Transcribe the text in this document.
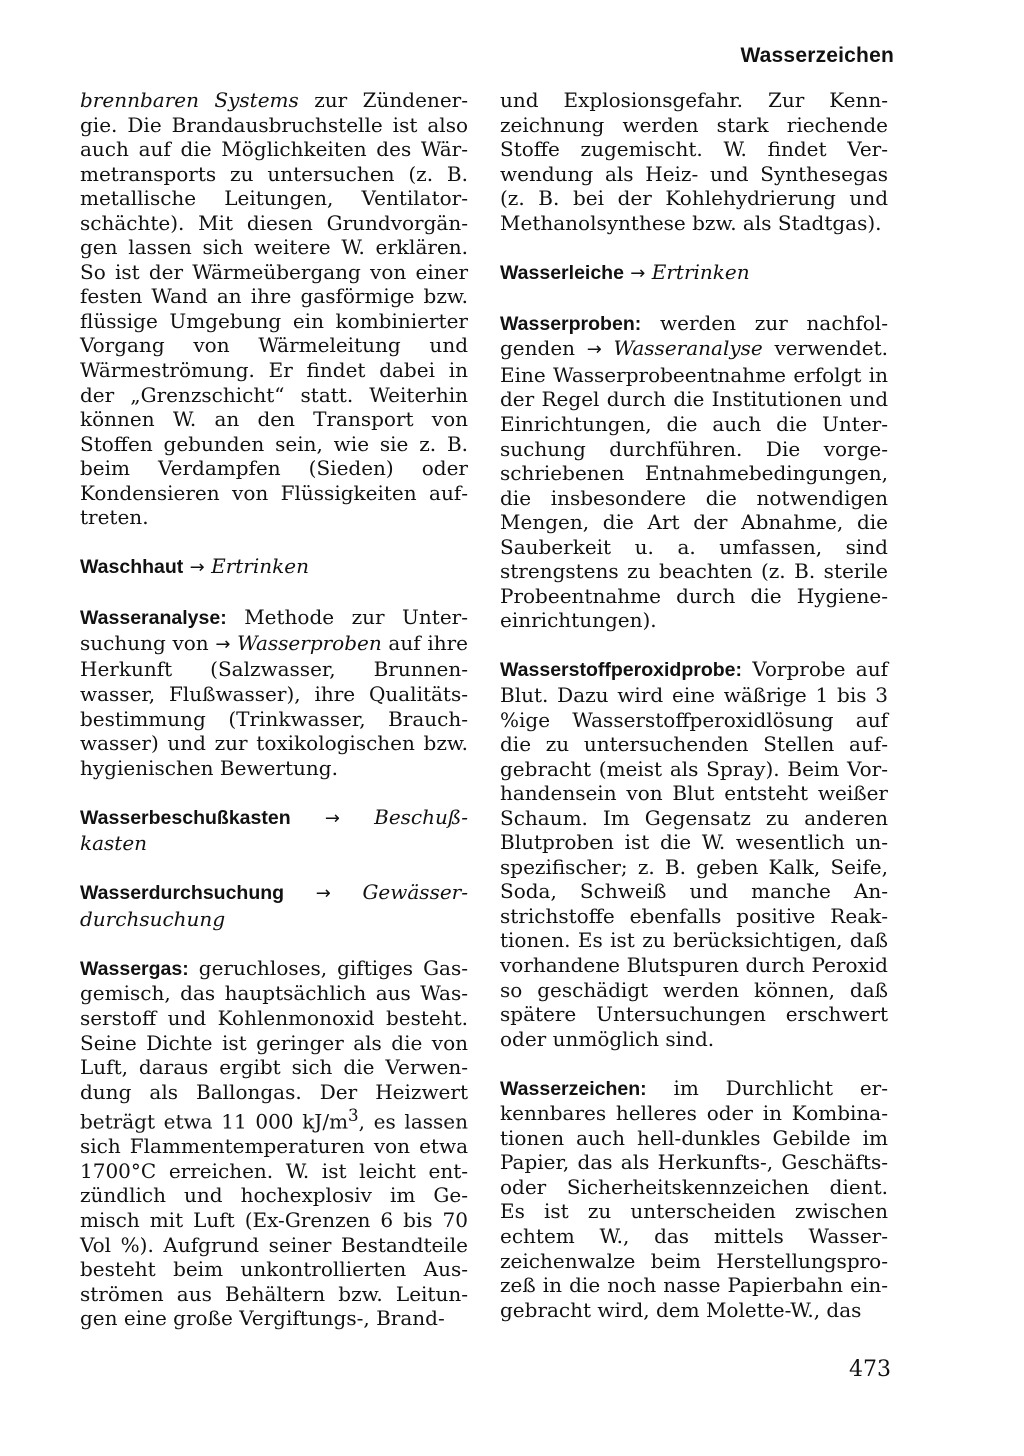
Wasserzeichen

brennbaren Systems zur Zündenergie. Die Brandausbruchstelle ist also auch auf die Möglichkeiten des Wärmetransports zu untersuchen (z. B. metallische Leitungen, Ventilatorschächte). Mit diesen Grundvorgängen lassen sich weitere W. erklären. So ist der Wärmeübergang von einer festen Wand an ihre gasförmige bzw. flüssige Umgebung ein kombinierter Vorgang von Wärmeleitung und Wärmeströmung. Er findet dabei in der „Grenzschicht“ statt. Weiterhin können W. an den Transport von Stoffen gebunden sein, wie sie z. B. beim Verdampfen (Sieden) oder Kondensieren von Flüssigkeiten auftreten.

Waschhaut → Ertrinken

Wasseranalyse: Methode zur Untersuchung von → Wasserproben auf ihre Herkunft (Salzwasser, Brunnenwasser, Flußwasser), ihre Qualitätsbestimmung (Trinkwasser, Brauchwasser) und zur toxikologischen bzw. hygienischen Bewertung.

Wasserbeschußkasten → Beschußkasten

Wasserdurchsuchung → Gewässerdurchsuchung

Wassergas: geruchloses, giftiges Gasgemisch, das hauptsächlich aus Wasserstoff und Kohlenmonoxid besteht. Seine Dichte ist geringer als die von Luft, daraus ergibt sich die Verwendung als Ballongas. Der Heizwert beträgt etwa 11 000 $kJ/m^3$, es lassen sich Flammentemperaturen von etwa 1700°C erreichen. W. ist leicht entzündlich und hochexplosiv im Gemisch mit Luft (Ex-Grenzen 6 bis 70 Vol %). Aufgrund seiner Bestandteile besteht beim unkontrollierten Ausströmen aus Behältern bzw. Leitungen eine große Vergiftungs-, Brand-

und Explosionsgefahr. Zur Kennzeichnung werden stark riechende Stoffe zugemischt. W. findet Verwendung als Heiz- und Synthesegas (z. B. bei der Kohlehydrierung und Methanolsynthese bzw. als Stadtgas).

Wasserleiche → Ertrinken

Wasserproben: werden zur nachfolgenden → Wasseranalyse verwendet. Eine Wasserprobeentnahme erfolgt in der Regel durch die Institutionen und Einrichtungen, die auch die Untersuchung durchführen. Die vorgeschriebenen Entnahmebedingungen, die insbesondere die notwendigen Mengen, die Art der Abnahme, die Sauberkeit u. a. umfassen, sind strengstens zu beachten (z. B. sterile Probeentnahme durch die Hygieneeinrichtungen).

Wasserstoffperoxidprobe: Vorprobe auf Blut. Dazu wird eine wäßrige 1 bis 3 %ige Wasserstoffperoxidlösung auf die zu untersuchenden Stellen aufgebracht (meist als Spray). Beim Vorhandensein von Blut entsteht weißer Schaum. Im Gegensatz zu anderen Blutproben ist die W. wesentlich unspezifischer; z. B. geben Kalk, Seife, Soda, Schweiß und manche Anstrichstoffe ebenfalls positive Reaktionen. Es ist zu berücksichtigen, daß vorhandene Blutspuren durch Peroxid so geschädigt werden können, daß spätere Untersuchungen erschwert oder unmöglich sind.

Wasserzeichen: im Durchlicht erkennbares helleres oder in Kombinationen auch hell-dunkles Gebilde im Papier, das als Herkunfts-, Geschäftsoder Sicherheitskennzeichen dient. Es ist zu unterscheiden zwischen echtem W., das mittels Wasserzeichenwalze beim Herstellungsprozeß in die noch nasse Papierbahn eingebracht wird, dem Molette-W., das

473
